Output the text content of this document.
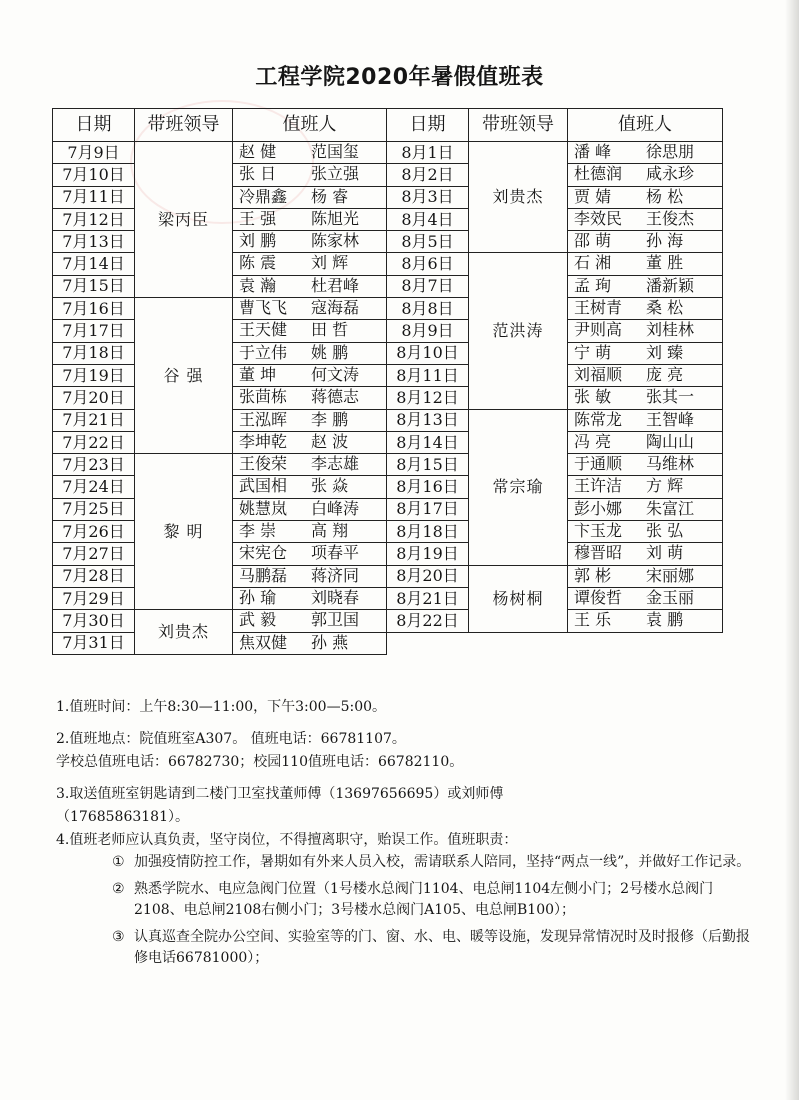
工程学院2020年暑假值班表
日期	带班领导	值班人	日期	带班领导	值班人
7月9日	梁丙臣	赵 健 范国玺	8月1日	刘贵杰	潘 峰 徐思朋

7月10日		张 日 张立强	8月2日		杜德润 咸永珍

7月11日		冷鼎鑫 杨 睿	8月3日		贾 婧 杨 松

7月12日		王 强 陈旭光	8月4日		李效民 王俊杰

7月13日		刘 鹏 陈家林	8月5日		邵 萌 孙 海

7月14日		陈 震 刘 辉	8月6日	范洪涛	石 湘 董 胜

7月15日		袁 瀚 杜君峰	8月7日		孟 珣 潘新颖

7月16日	谷 强	曹飞飞 寇海磊	8月8日		王树青 桑 松

7月17日		王天健 田 哲	8月9日		尹则高 刘桂林

7月18日		于立伟 姚 鹏	8月10日		宁 萌 刘 臻

7月19日		董 坤 何文涛	8月11日		刘福顺 庞 亮

7月20日		张茴栋 蒋德志	8月12日		张 敏 张其一

7月21日		王泓晖 李 鹏	8月13日	常宗瑜	陈常龙 王智峰

7月22日		李坤乾 赵 波	8月14日		冯 亮 陶山山

7月23日	黎 明	王俊荣 李志雄	8月15日		于通顺 马维林

7月24日		武国相 张 焱	8月16日		王许洁 方 辉

7月25日		姚慧岚 白峰涛	8月17日		彭小娜 朱富江

7月26日		李 崇 高 翔	8月18日		卞玉龙 张 弘

7月27日		宋宪仓 项春平	8月19日		穆晋昭 刘 萌

7月28日		马鹏磊 蒋济同	8月20日	杨树桐	郭 彬 宋丽娜

7月29日		孙 瑜 刘晓春	8月21日		谭俊哲 金玉丽

7月30日	刘贵杰	武 毅 郭卫国	8月22日		王 乐 袁 鹏

7月31日		焦双健 孙 燕			

1.值班时间：上午8:30—11:00，下午3:00—5:00。

2.值班地点：院值班室A307。 值班电话：66781107。

学校总值班电话：66782730；校园110值班电话：66782110。

3.取送值班室钥匙请到二楼门卫室找董师傅（13697656695）或刘师傅

（17685863181）。

4.值班老师应认真负责，坚守岗位，不得擅离职守，贻误工作。值班职责：

① 加强疫情防控工作，暑期如有外来人员入校，需请联系人陪同，坚持“两点一线”，并做好工作记录。

② 熟悉学院水、电应急阀门位置（1号楼水总阀门1104、电总闸1104左侧小门；2号楼水总阀门2108、电总闸2108右侧小门；3号楼水总阀门A105、电总闸B100）；

③ 认真巡查全院办公空间、实验室等的门、窗、水、电、暖等设施，发现异常情况时及时报修（后勤报修电话66781000）；
